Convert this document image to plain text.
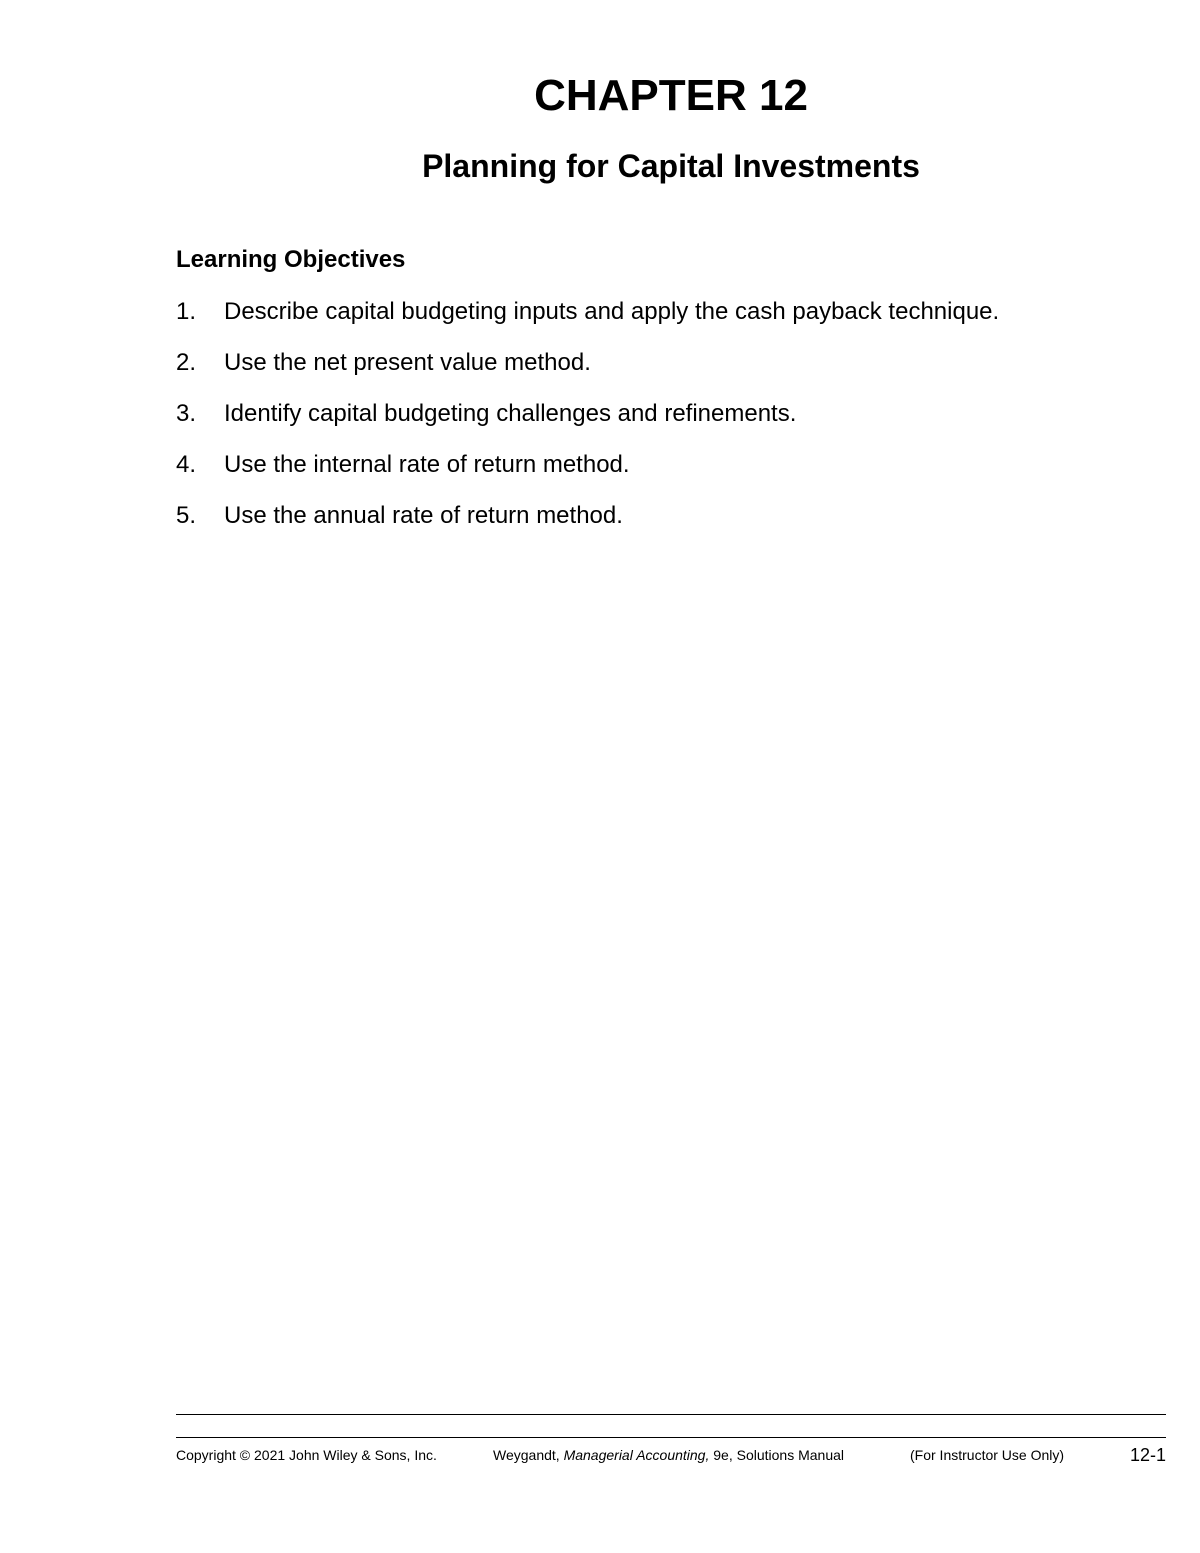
CHAPTER 12
Planning for Capital Investments
Learning Objectives
1. Describe capital budgeting inputs and apply the cash payback technique.
2. Use the net present value method.
3. Identify capital budgeting challenges and refinements.
4. Use the internal rate of return method.
5. Use the annual rate of return method.
Copyright © 2021 John Wiley & Sons, Inc.	Weygandt, Managerial Accounting, 9e, Solutions Manual	(For Instructor Use Only)	12-1
